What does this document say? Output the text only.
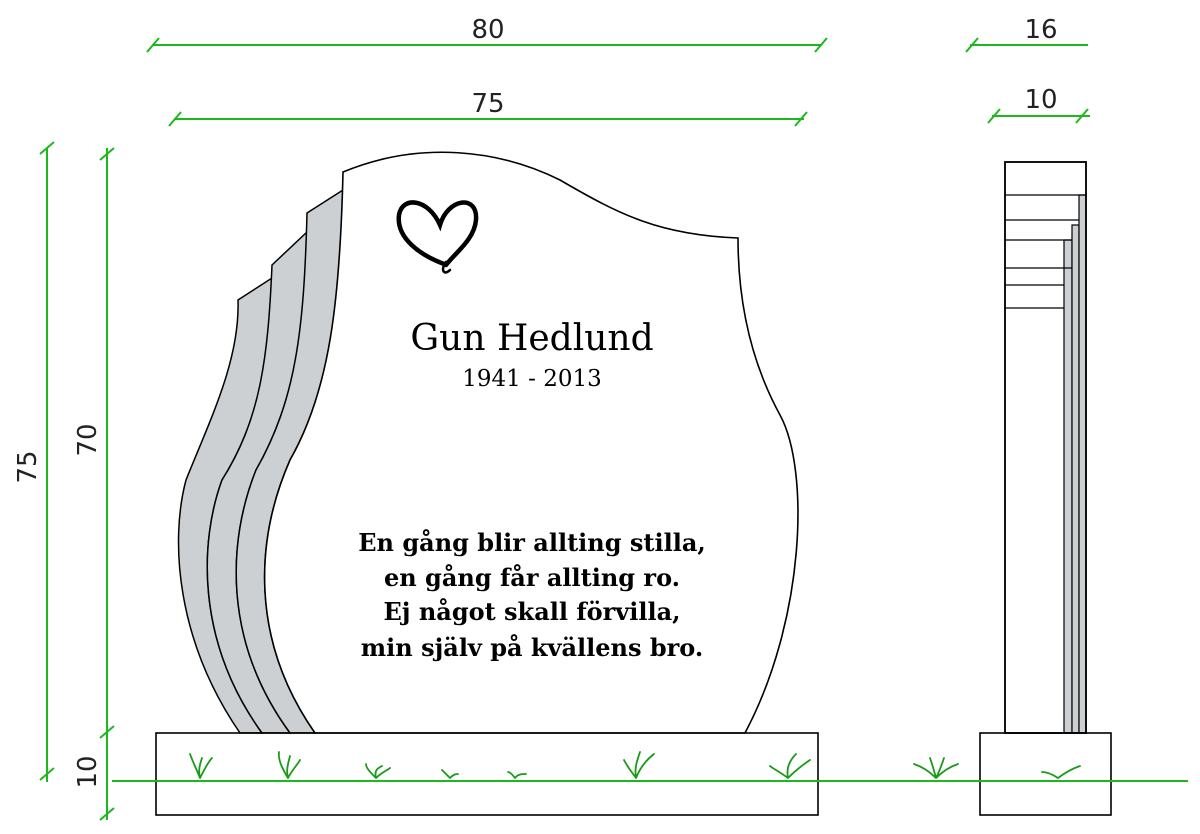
80
75
16
10
75
70
10
Gun Hedlund
1941 - 2013
En gång blir allting stilla,
en gång får allting ro.
Ej något skall förvilla,
min själv på kvällens bro.
